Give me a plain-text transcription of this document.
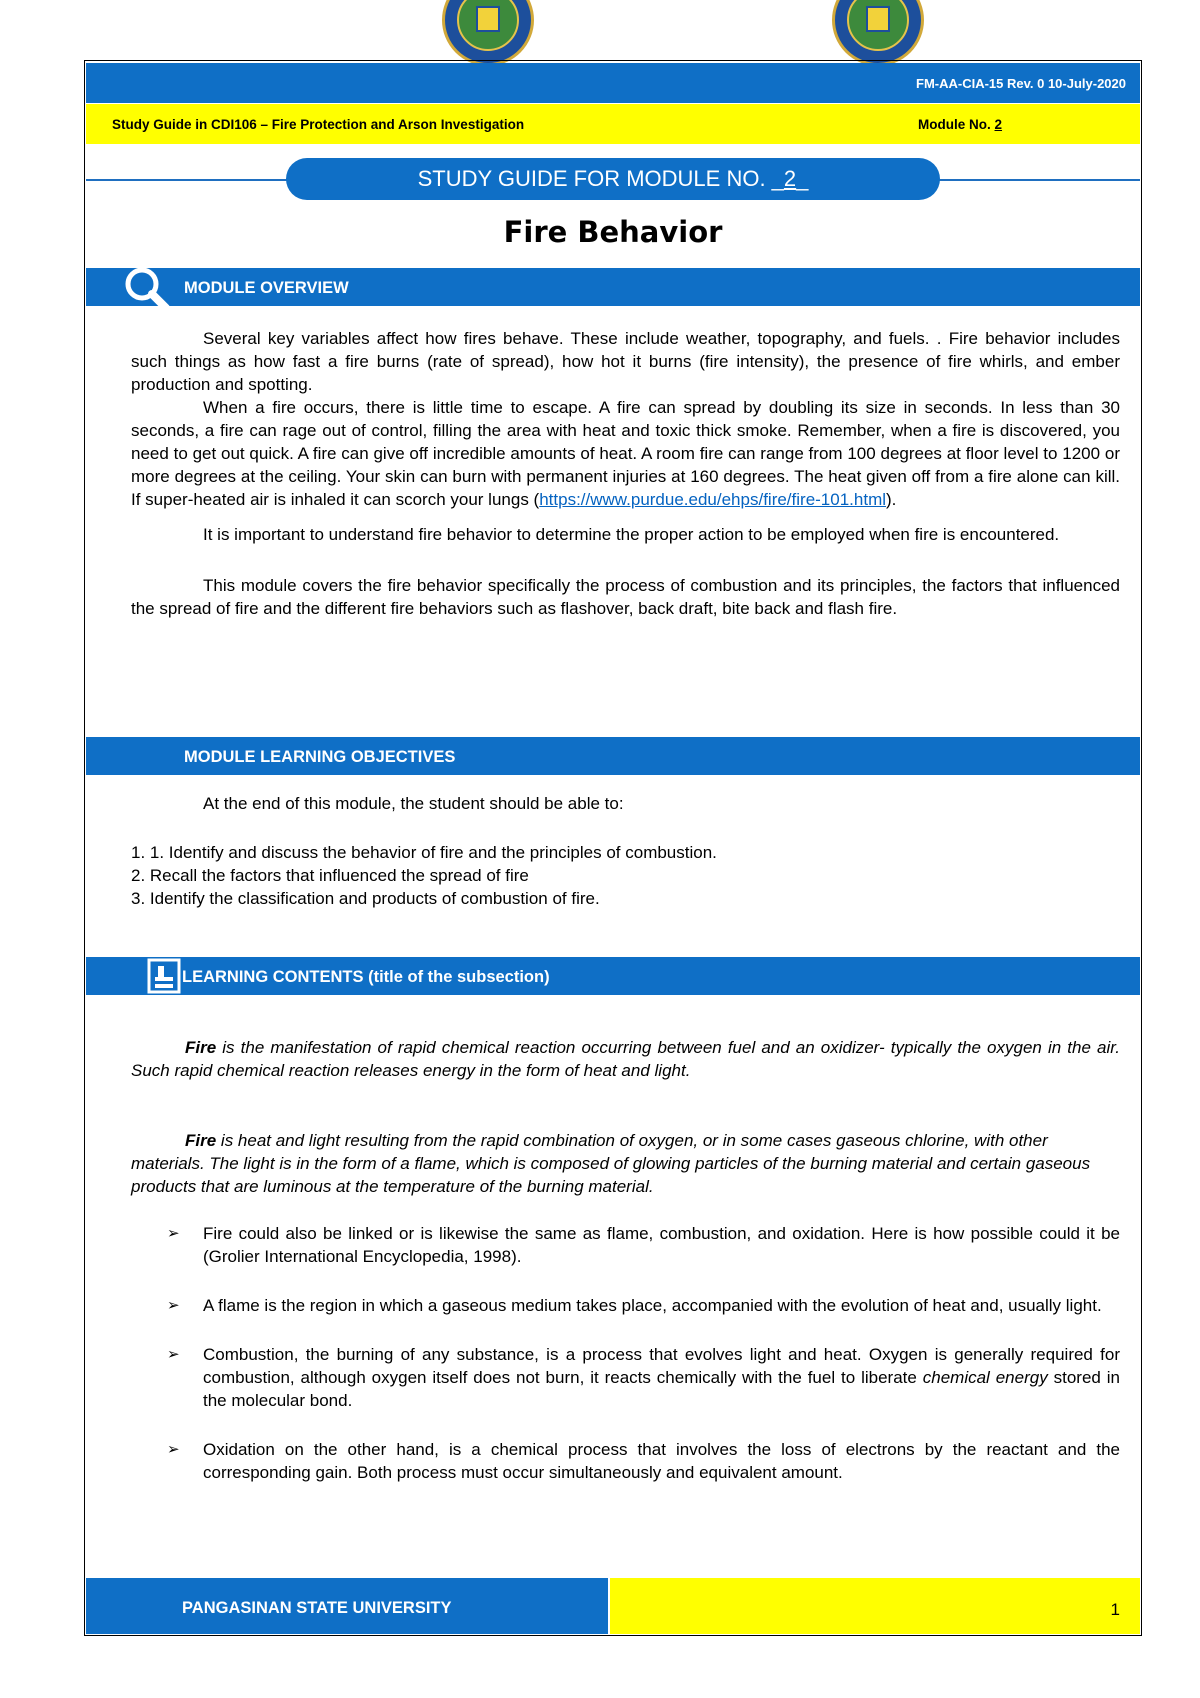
FM-AA-CIA-15 Rev. 0 10-July-2020
Study Guide in CDI106 – Fire Protection and Arson Investigation	Module No. 2
STUDY GUIDE FOR MODULE NO. _2_
Fire Behavior
MODULE OVERVIEW

Several key variables affect how fires behave. These include weather, topography, and fuels. . Fire behavior includes such things as how fast a fire burns (rate of spread), how hot it burns (fire intensity), the presence of fire whirls, and ember production and spotting.

When a fire occurs, there is little time to escape. A fire can spread by doubling its size in seconds. In less than 30 seconds, a fire can rage out of control, filling the area with heat and toxic thick smoke. Remember, when a fire is discovered, you need to get out quick. A fire can give off incredible amounts of heat. A room fire can range from 100 degrees at floor level to 1200 or more degrees at the ceiling. Your skin can burn with permanent injuries at 160 degrees. The heat given off from a fire alone can kill. If super-heated air is inhaled it can scorch your lungs (https://www.purdue.edu/ehps/fire/fire-101.html).

It is important to understand fire behavior to determine the proper action to be employed when fire is encountered.

This module covers the fire behavior specifically the process of combustion and its principles, the factors that influenced the spread of fire and the different fire behaviors such as flashover, back draft, bite back and flash fire.

MODULE LEARNING OBJECTIVES

At the end of this module, the student should be able to:

1. 1. Identify and discuss the behavior of fire and the principles of combustion.
2. Recall the factors that influenced the spread of fire
3. Identify the classification and products of combustion of fire.
LEARNING CONTENTS (title of the subsection)

Fire is the manifestation of rapid chemical reaction occurring between fuel and an oxidizer- typically the oxygen in the air. Such rapid chemical reaction releases energy in the form of heat and light.

Fire is heat and light resulting from the rapid combination of oxygen, or in some cases gaseous chlorine, with other materials. The light is in the form of a flame, which is composed of glowing particles of the burning material and certain gaseous products that are luminous at the temperature of the burning material.

➢ Fire could also be linked or is likewise the same as flame, combustion, and oxidation. Here is how possible could it be (Grolier International Encyclopedia, 1998).
➢ A flame is the region in which a gaseous medium takes place, accompanied with the evolution of heat and, usually light.
➢ Combustion, the burning of any substance, is a process that evolves light and heat. Oxygen is generally required for combustion, although oxygen itself does not burn, it reacts chemically with the fuel to liberate chemical energy stored in the molecular bond.
➢ Oxidation on the other hand, is a chemical process that involves the loss of electrons by the reactant and the corresponding gain. Both process must occur simultaneously and equivalent amount.
PANGASINAN STATE UNIVERSITY	1
